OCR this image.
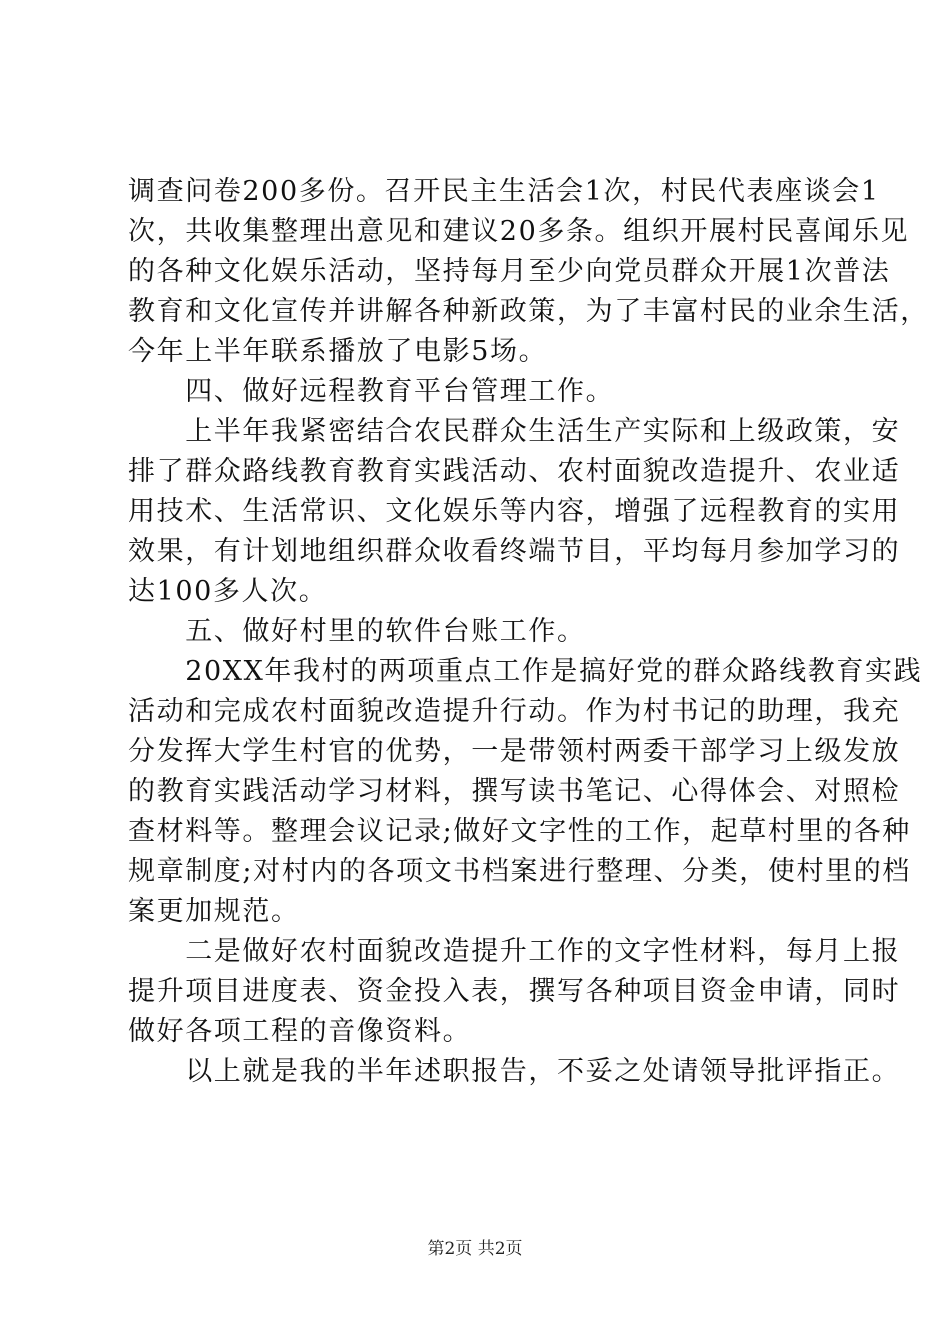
调查问卷200多份。召开民主生活会1次，村民代表座谈会1
次，共收集整理出意见和建议20多条。组织开展村民喜闻乐见
的各种文化娱乐活动，坚持每月至少向党员群众开展1次普法
教育和文化宣传并讲解各种新政策，为了丰富村民的业余生活，
今年上半年联系播放了电影5场。
　　四、做好远程教育平台管理工作。
　　上半年我紧密结合农民群众生活生产实际和上级政策，安
排了群众路线教育教育实践活动、农村面貌改造提升、农业适
用技术、生活常识、文化娱乐等内容，增强了远程教育的实用
效果，有计划地组织群众收看终端节目，平均每月参加学习的
达100多人次。
　　五、做好村里的软件台账工作。
　　20XX年我村的两项重点工作是搞好党的群众路线教育实践
活动和完成农村面貌改造提升行动。作为村书记的助理，我充
分发挥大学生村官的优势，一是带领村两委干部学习上级发放
的教育实践活动学习材料，撰写读书笔记、心得体会、对照检
查材料等。整理会议记录;做好文字性的工作，起草村里的各种
规章制度;对村内的各项文书档案进行整理、分类，使村里的档
案更加规范。
　　二是做好农村面貌改造提升工作的文字性材料，每月上报
提升项目进度表、资金投入表，撰写各种项目资金申请，同时
做好各项工程的音像资料。
　　以上就是我的半年述职报告，不妥之处请领导批评指正。
第2页 共2页
